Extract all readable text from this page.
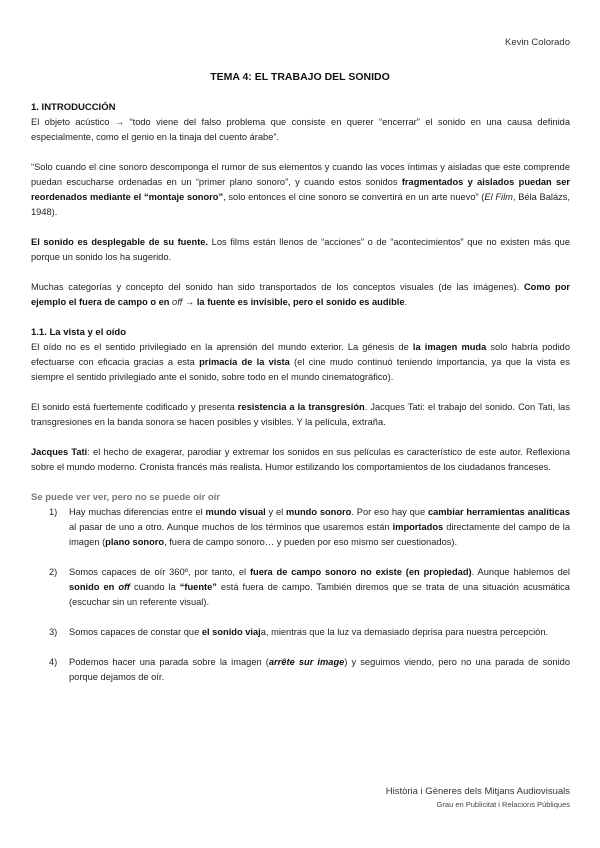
Kevin Colorado
TEMA 4: EL TRABAJO DEL SONIDO
1. INTRODUCCIÓN

El objeto acústico → “todo viene del falso problema que consiste en querer “encerrar” el sonido en una causa definida especialmente, como el genio en la tinaja del cuento árabe”.

“Solo cuando el cine sonoro descomponga el rumor de sus elementos y cuando las voces íntimas y aisladas que este comprende puedan escucharse ordenadas en un “primer plano sonoro”, y cuando estos sonidos fragmentados y aislados puedan ser reordenados mediante el “montaje sonoro”, solo entonces el cine sonoro se convertirá en un arte nuevo” (El Film, Béla Balázs, 1948).

El sonido es desplegable de su fuente. Los films están llenos de “acciones” o de “acontecimientos” que no existen más que porque un sonido los ha sugerido.

Muchas categorías y concepto del sonido han sido transportados de los conceptos visuales (de las imágenes). Como por ejemplo el fuera de campo o en off → la fuente es invisible, pero el sonido es audible.

1.1. La vista y el oído

El oído no es el sentido privilegiado en la aprensión del mundo exterior. La génesis de la imagen muda solo habría podido efectuarse con eficacia gracias a esta primacía de la vista (el cine mudo continuó teniendo importancia, ya que la vista es siempre el sentido privilegiado ante el sonido, sobre todo en el mundo cinematográfico).

El sonido está fuertemente codificado y presenta resistencia a la transgresión. Jacques Tati: el trabajo del sonido. Con Tati, las transgresiones en la banda sonora se hacen posibles y visibles. Y la película, extraña.

Jacques Tati: el hecho de exagerar, parodiar y extremar los sonidos en sus películas es característico de este autor. Reflexiona sobre el mundo moderno. Cronista francés más realista. Humor estilizando los comportamientos de los ciudadanos franceses.

Se puede ver ver, pero no se puede oír oír
1) Hay muchas diferencias entre el mundo visual y el mundo sonoro. Por eso hay que cambiar herramientas analíticas al pasar de uno a otro. Aunque muchos de los términos que usaremos están importados directamente del campo de la imagen (plano sonoro, fuera de campo sonoro… y pueden por eso mismo ser cuestionados).
2) Somos capaces de oír 360º, por tanto, el fuera de campo sonoro no existe (en propiedad). Aunque hablemos del sonido en off cuando la “fuente” está fuera de campo. También diremos que se trata de una situación acusmática (escuchar sin un referente visual).
3) Somos capaces de constar que el sonido viaja, mientras que la luz va demasiado deprisa para nuestra percepción.
4) Podemos hacer una parada sobre la imagen (arrête sur image) y seguimos viendo, pero no una parada de sonido porque dejamos de oír.
Història i Gèneres dels Mitjans Audiovisuals
Grau en Publicitat i Relacions Públiques
